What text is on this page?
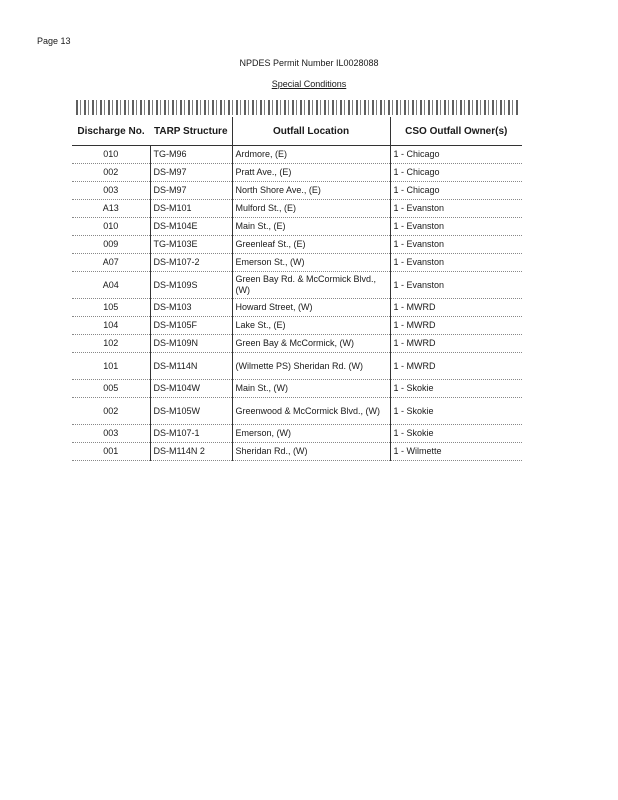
Page 13
NPDES Permit Number IL0028088
Special Conditions
Discharge No.	TARP Structure	Outfall Location	CSO Outfall Owner(s)
010	TG-M96	Ardmore, (E)	1 - Chicago
002	DS-M97	Pratt Ave., (E)	1 - Chicago
003	DS-M97	North Shore Ave., (E)	1 - Chicago
A13	DS-M101	Mulford St., (E)	1 - Evanston
010	DS-M104E	Main St., (E)	1 - Evanston
009	TG-M103E	Greenleaf St., (E)	1 - Evanston
A07	DS-M107-2	Emerson St., (W)	1 - Evanston
A04	DS-M109S	Green Bay Rd. & McCormick Blvd., (W)	1 - Evanston
105	DS-M103	Howard Street, (W)	1 - MWRD
104	DS-M105F	Lake St., (E)	1 - MWRD
102	DS-M109N	Green Bay & McCormick, (W)	1 - MWRD
101	DS-M114N	(Wilmette PS) Sheridan Rd. (W)	1 - MWRD
005	DS-M104W	Main St., (W)	1 - Skokie
002	DS-M105W	Greenwood & McCormick Blvd., (W)	1 - Skokie
003	DS-M107-1	Emerson, (W)	1 - Skokie
001	DS-M114N 2	Sheridan Rd., (W)	1 - Wilmette
